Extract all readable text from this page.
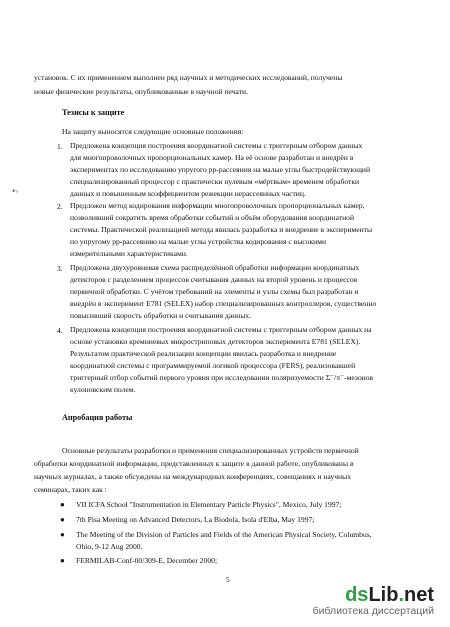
установок. С их применением выполнен ряд научных и методических исследований, получены
новые физические результаты, опубликованные в научной печати.
Тезисы к защите
На защиту выносятся следующие основные положения:
1. Предложена концепция построения координатной системы с триггерным отбором данных
для многопроволочных пропорциональных камер. На её основе разработан и внедрён в
экспериментах по исследованию упругого pp-рассеяния на малые углы быстродействующий
специализированный процессор с практически нулевым «мёртвым» временем обработки
данных и повышенным коэффициентом режекции нерассеянных частиц.
2. Предложен метод кодирования информации многопроволочных пропорциональных камер,
позволивший сократить время обработки событий и объём оборудования координатной
системы. Практической реализацией метода явилась разработка и внедрение в эксперименты
по упругому pp-рассеянию на малые углы устройства кодирования с высокими
измерительными характеристиками.
3. Предложена двухуровневая схема распределённой обработки информации координатных
детекторов с разделением процессов считывания данных на второй уровень и процессов
первичной обработки. С учётом требований на элементы и узлы схемы был разработан и
внедрён в эксперимент E781 (SELEX) набор специализированных контроллеров, существенно
повысивший скорость обработки и считывания данных.
4. Предложена концепция построения координатной системы с триггерным отбором данных на
основе установки кремниевых микростриповых детекторов эксперимента E781 (SELEX).
Результатом практической реализации концепции явилась разработка и внедрение
координатной системы с программируемой логикой процессора (FERS), реализовавшей
триггерный отбор событий первого уровня при исследовании поляризуемости Σ⁻/π⁻-мезонов
кулоновским полем.
Апробация работы
Основные результаты разработки и применения специализированных устройств первичной
обработки координатной информации, представленных к защите в данной работе, опубликованы в
научных журналах, а также обсуждены на международных конференциях, совещаниях и научных
семинарах, таких как :
● VII ICFA School "Instrumentation in Elementary Particle Physics", Mexico, July 1997;
● 7th Pisa Meeting on Advanced Detectors, La Biodola, Isola d'Elba, May 1997;
● The Meeting of the Division of Particles and Fields of the American Physical Society, Columbus,
Ohio, 9-12 Aug 2000.
● FERMILAB-Conf-00/309-E, December 2000;
5
•◦
dsLib.net
библиотека диссертаций
